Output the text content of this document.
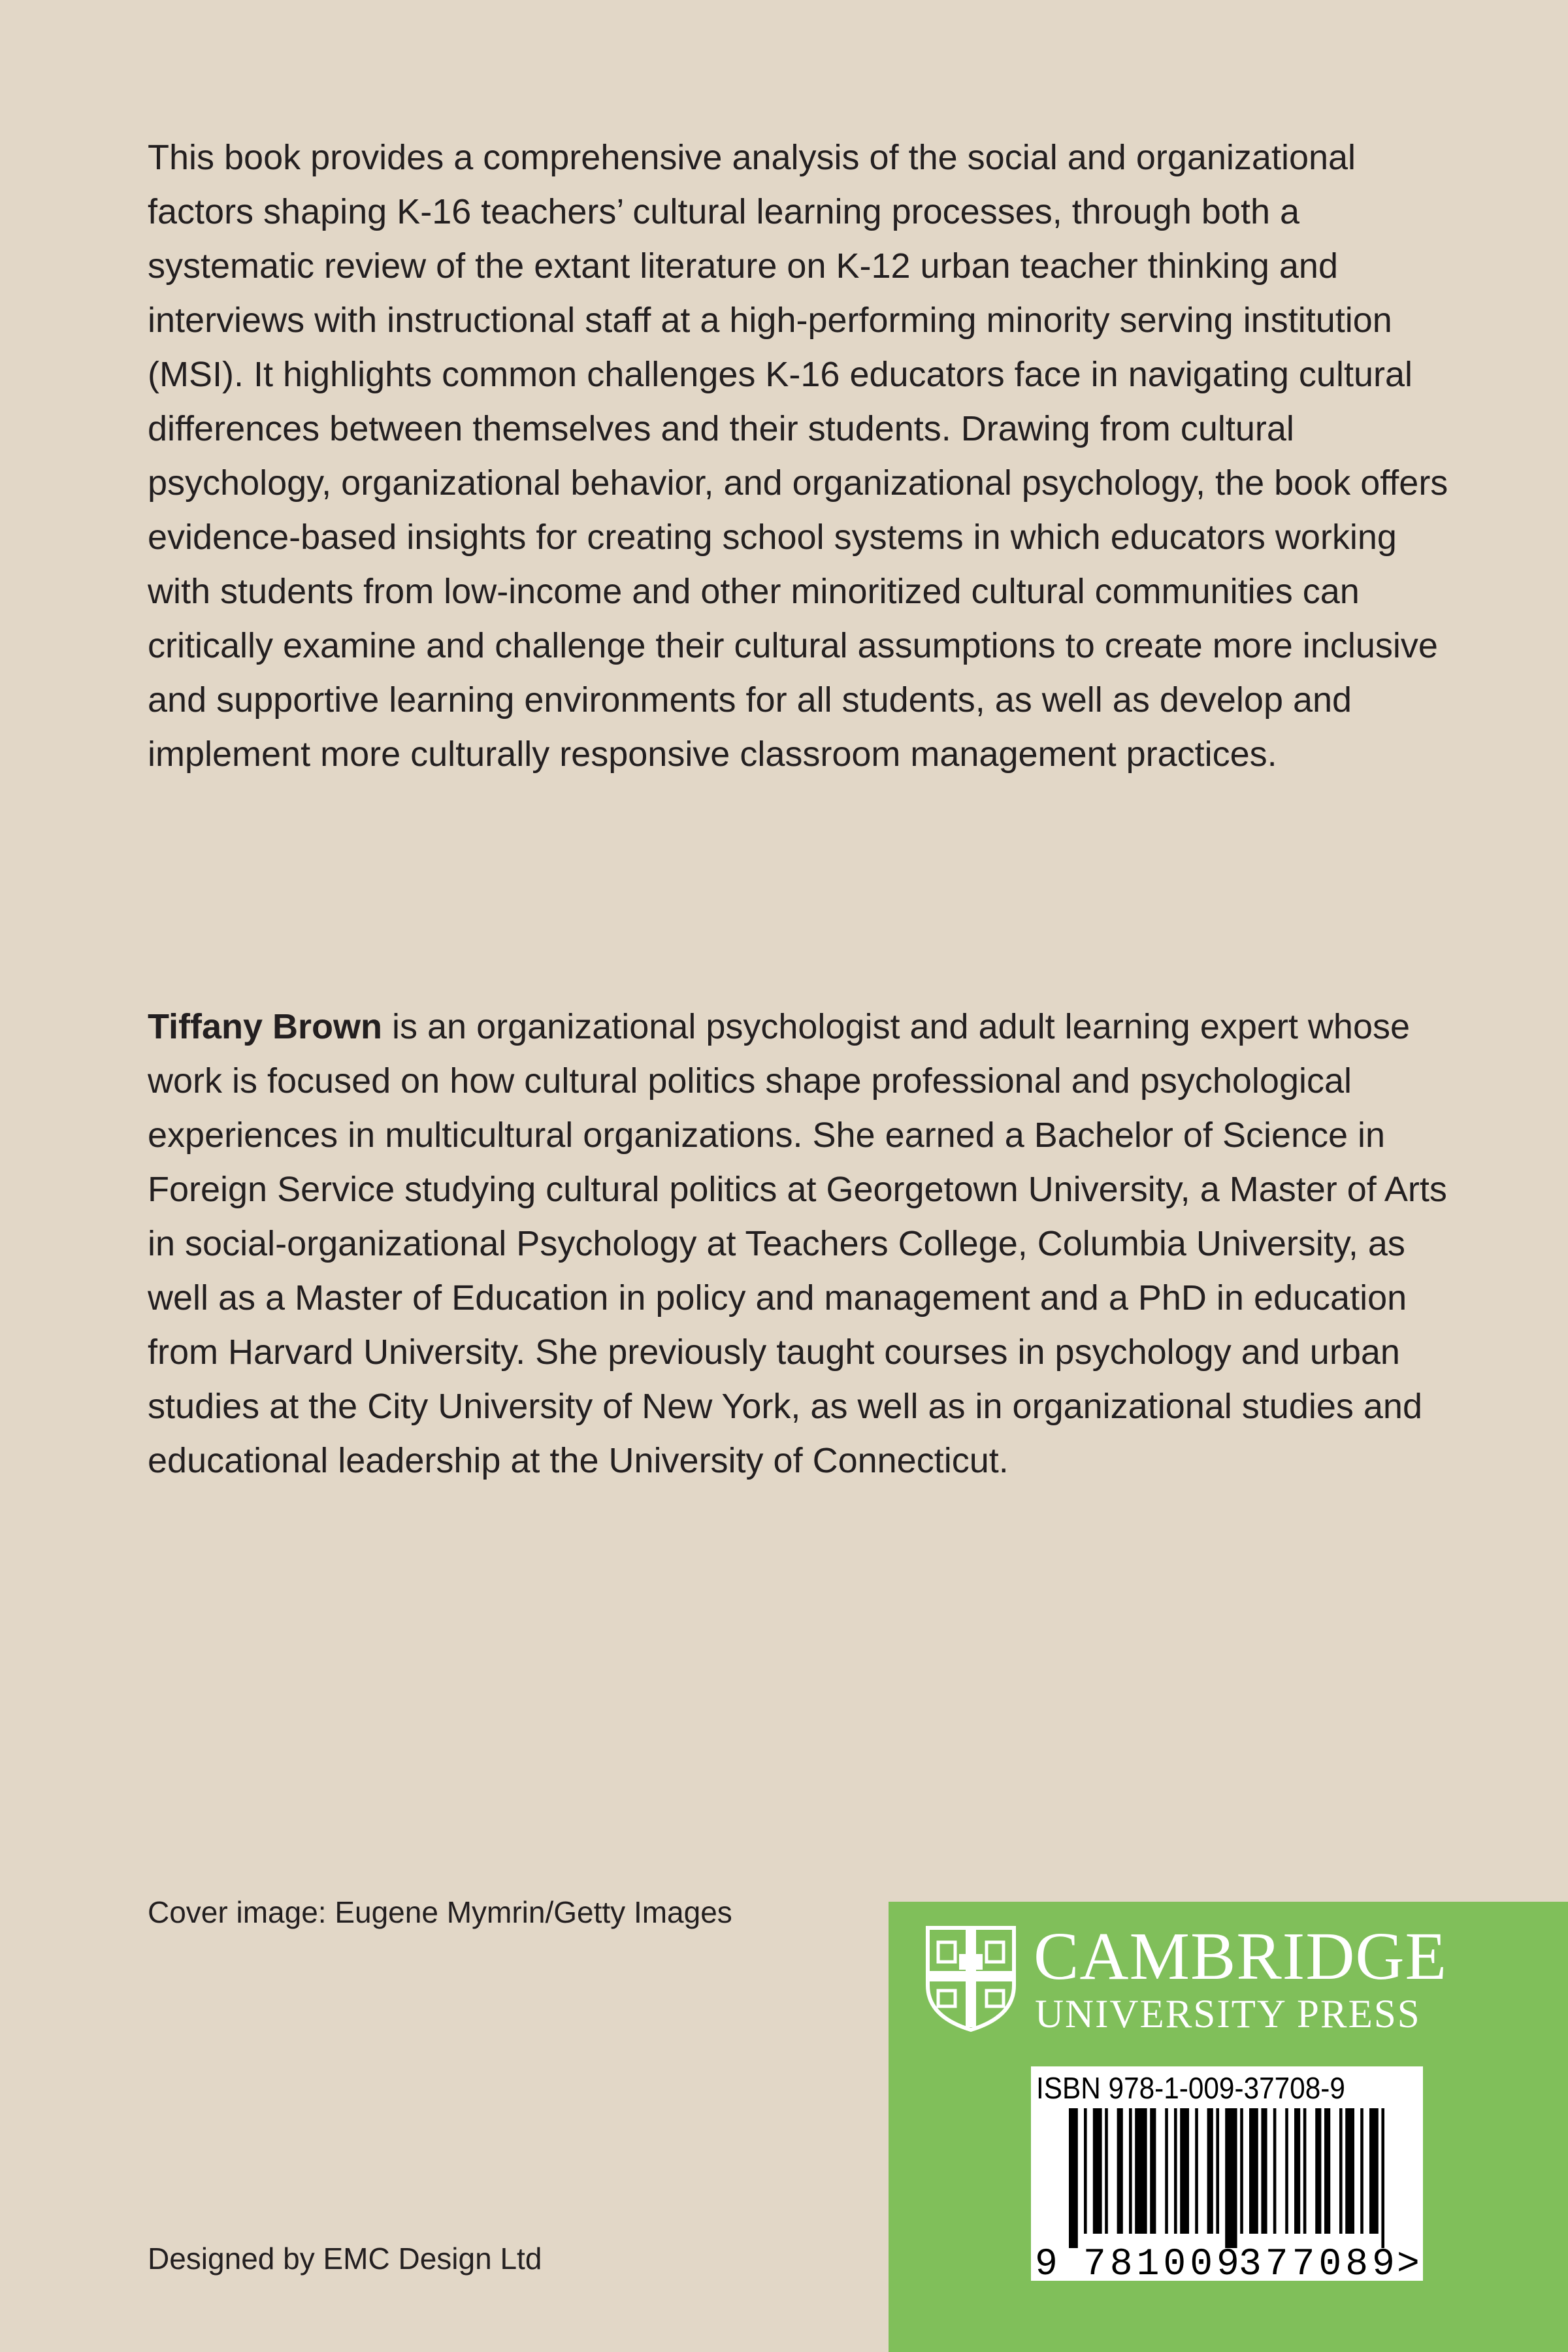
This book provides a comprehensive analysis of the social and organizational factors shaping K-16 teachers’ cultural learning processes, through both a systematic review of the extant literature on K-12 urban teacher thinking and interviews with instructional staff at a high-performing minority serving institution (MSI). It highlights common challenges K-16 educators face in navigating cultural differences between themselves and their students. Drawing from cultural psychology, organizational behavior, and organizational psychology, the book offers evidence-based insights for creating school systems in which educators working with students from low-income and other minoritized cultural communities can critically examine and challenge their cultural assumptions to create more inclusive and supportive learning environments for all students, as well as develop and implement more culturally responsive classroom management practices.

Tiffany Brown is an organizational psychologist and adult learning expert whose work is focused on how cultural politics shape professional and psychological experiences in multicultural organizations. She earned a Bachelor of Science in Foreign Service studying cultural politics at Georgetown University, a Master of Arts in social-organizational Psychology at Teachers College, Columbia University, as well as a Master of Education in policy and management and a PhD in education from Harvard University. She previously taught courses in psychology and urban studies at the City University of New York, as well as in organizational studies and educational leadership at the University of Connecticut.

Cover image: Eugene Mymrin/Getty Images
Designed by EMC Design Ltd
CAMBRIDGE
UNIVERSITY PRESS
ISBN 978-1-009-37708-9
9 781009
377089
>
